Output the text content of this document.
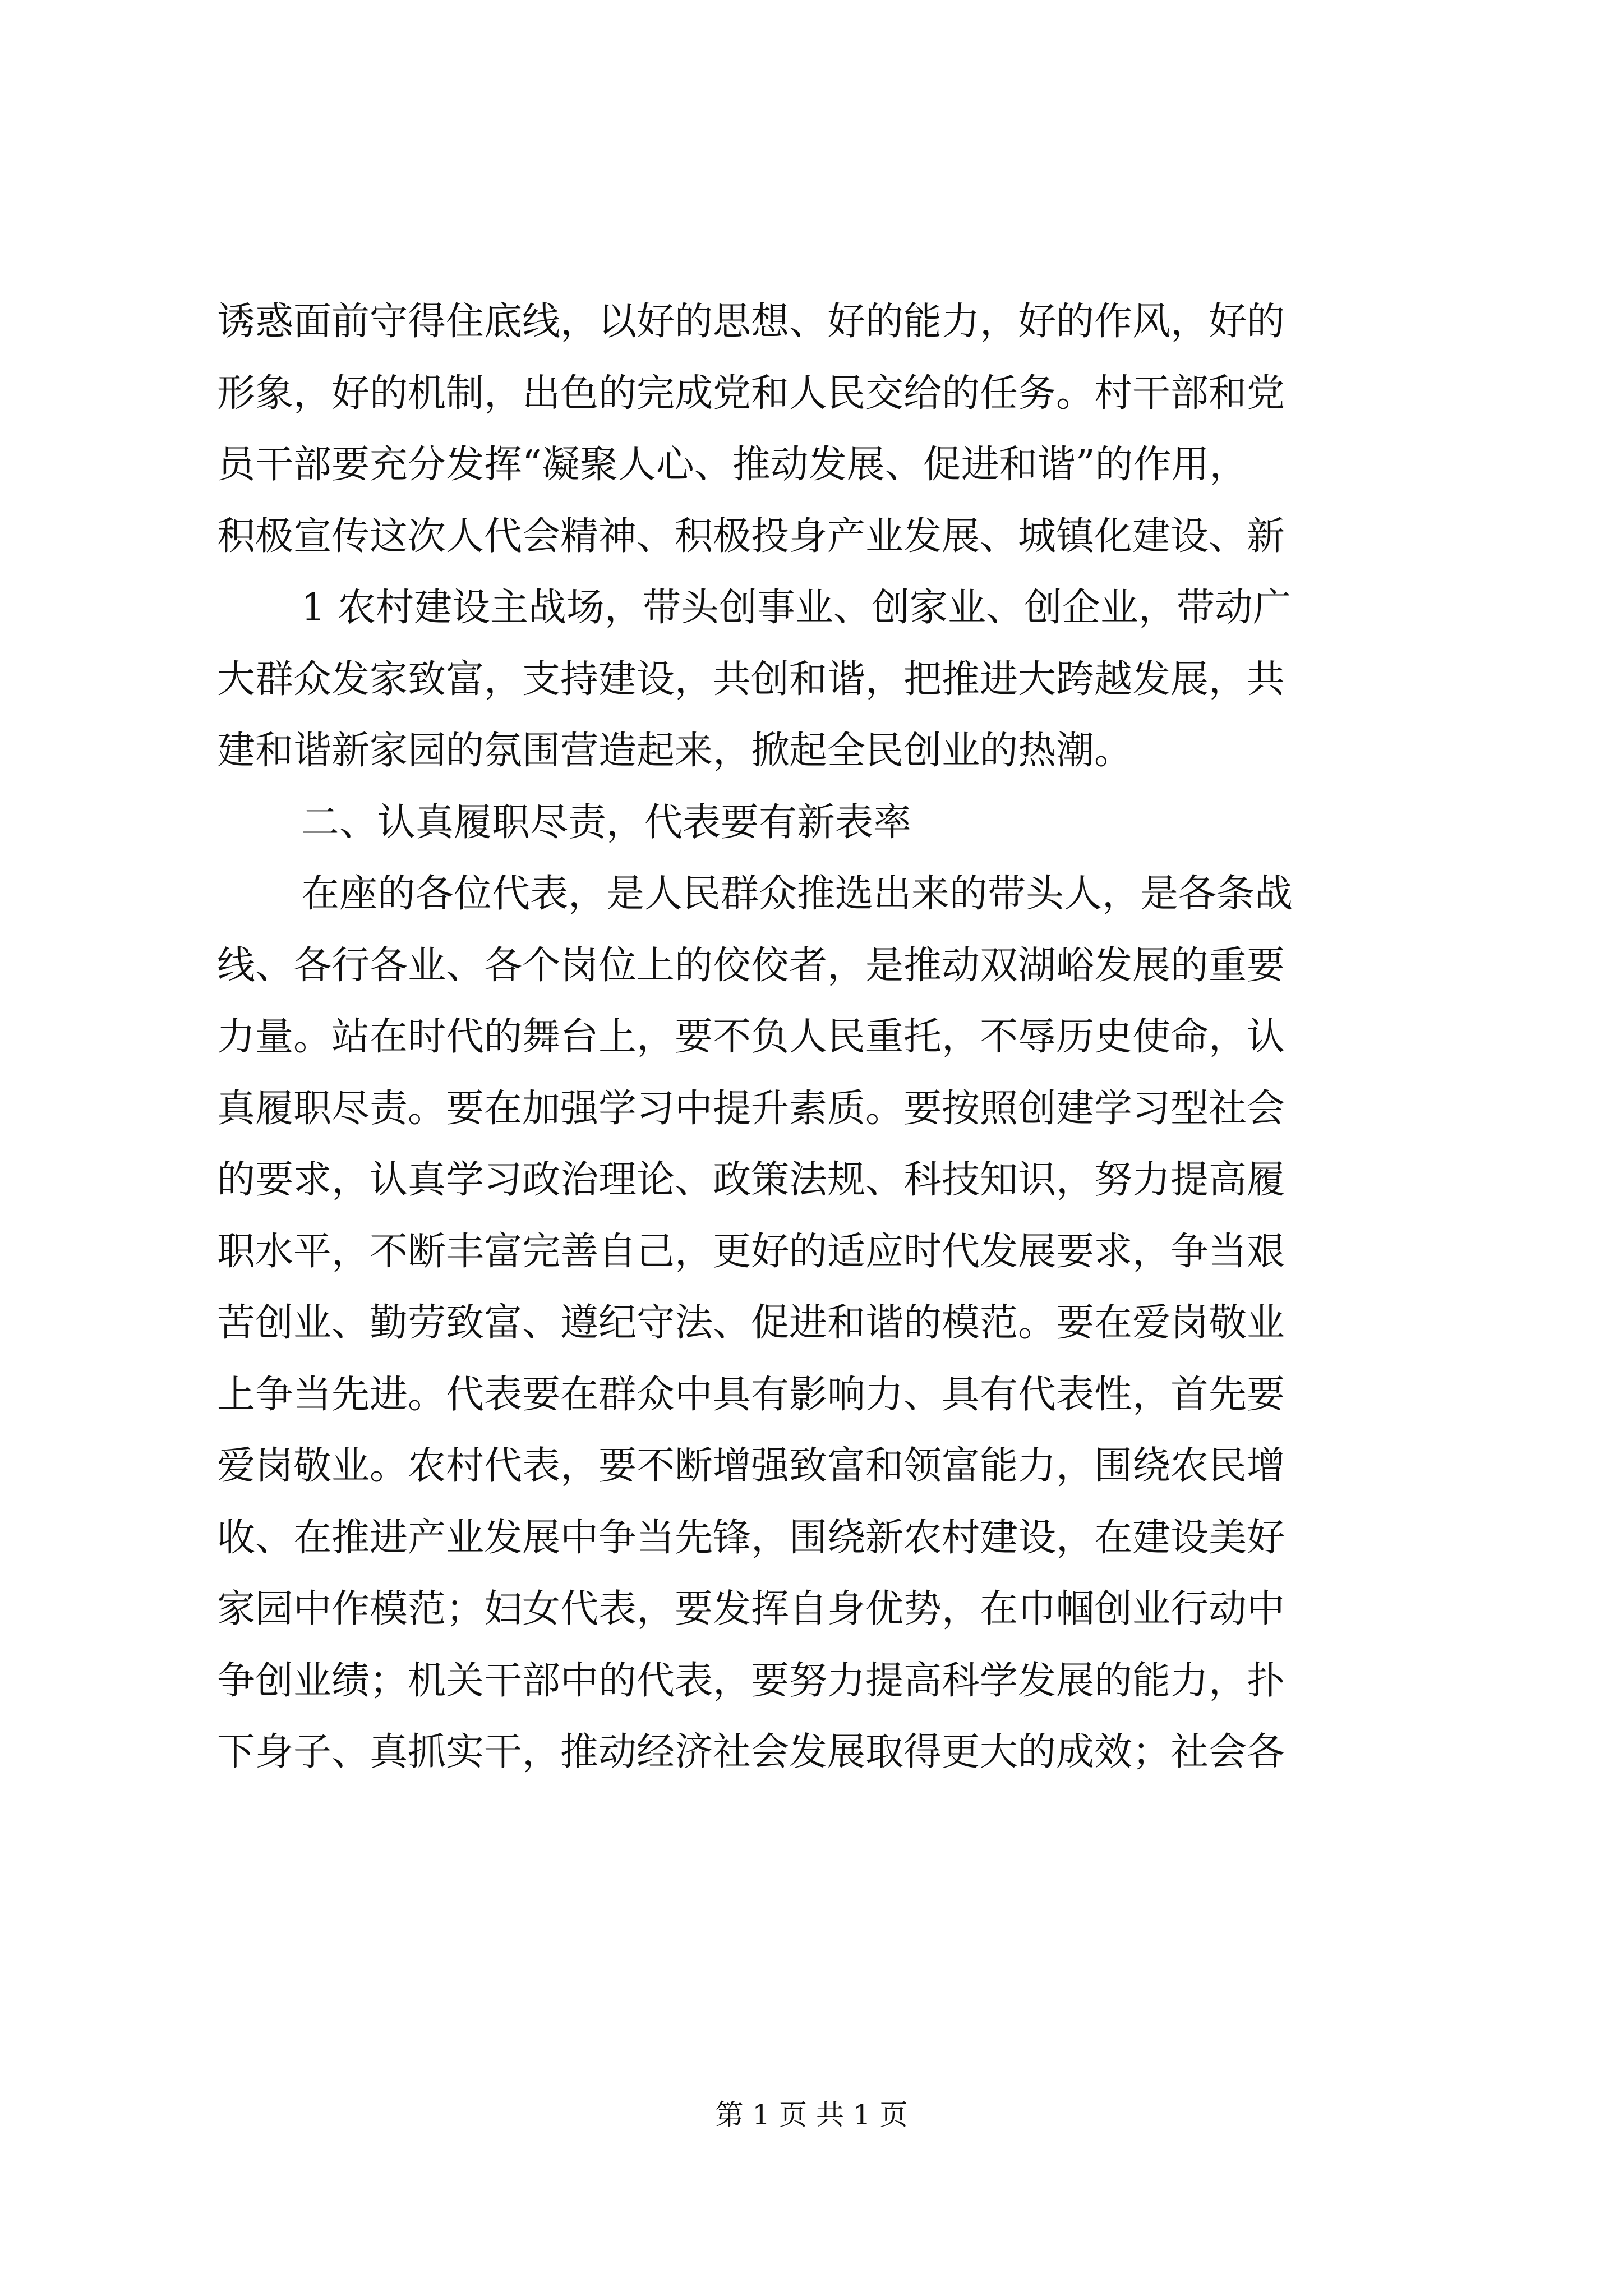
诱惑面前守得住底线，以好的思想、好的能力，好的作风，好的
形象，好的机制，出色的完成党和人民交给的任务。村干部和党
员干部要充分发挥“凝聚人心、推动发展、促进和谐”的作用，
积极宣传这次人代会精神、积极投身产业发展、城镇化建设、新
1 农村建设主战场，带头创事业、创家业、创企业，带动广
大群众发家致富，支持建设，共创和谐，把推进大跨越发展，共
建和谐新家园的氛围营造起来，掀起全民创业的热潮。
二、认真履职尽责，代表要有新表率
在座的各位代表，是人民群众推选出来的带头人，是各条战
线、各行各业、各个岗位上的佼佼者，是推动双湖峪发展的重要
力量。站在时代的舞台上，要不负人民重托，不辱历史使命，认
真履职尽责。要在加强学习中提升素质。要按照创建学习型社会
的要求，认真学习政治理论、政策法规、科技知识，努力提高履
职水平，不断丰富完善自己，更好的适应时代发展要求，争当艰
苦创业、勤劳致富、遵纪守法、促进和谐的模范。要在爱岗敬业
上争当先进。代表要在群众中具有影响力、具有代表性，首先要
爱岗敬业。农村代表，要不断增强致富和领富能力，围绕农民增
收、在推进产业发展中争当先锋，围绕新农村建设，在建设美好
家园中作模范；妇女代表，要发挥自身优势，在巾帼创业行动中
争创业绩；机关干部中的代表，要努力提高科学发展的能力，扑
下身子、真抓实干，推动经济社会发展取得更大的成效；社会各
第 1 页 共 1 页
